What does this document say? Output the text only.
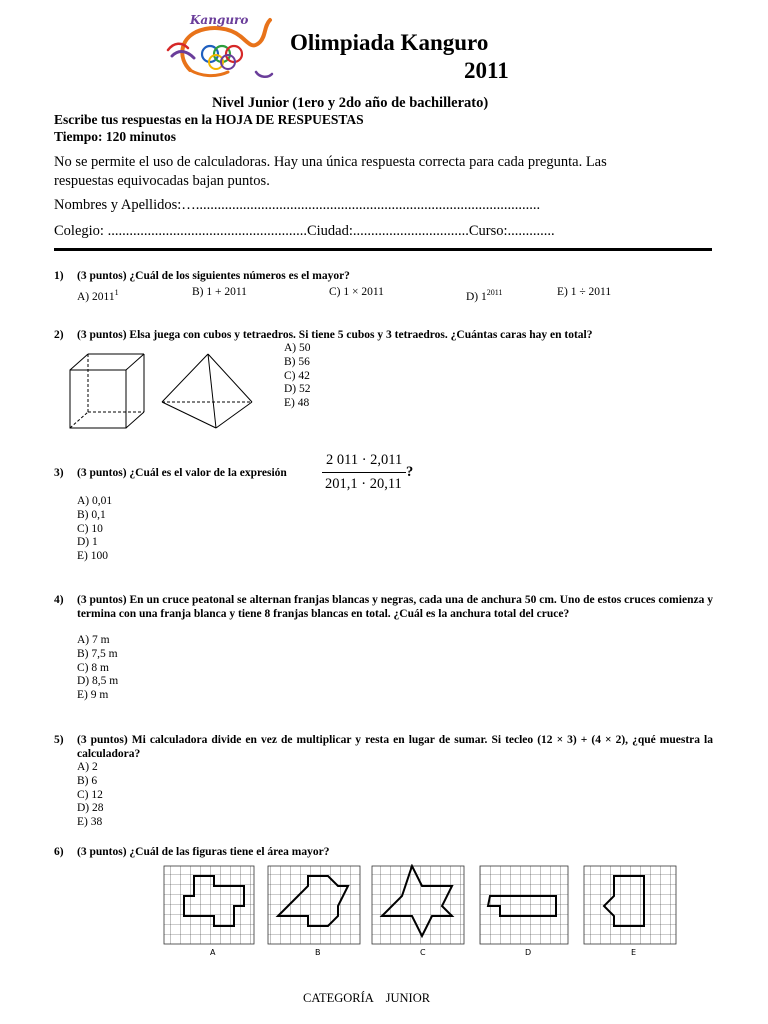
Kanguro
Olimpiada Kanguro
2011
Nivel Junior (1ero y 2do año de bachillerato)
Escribe tus respuestas en la HOJA DE RESPUESTAS
Tiempo: 120 minutos
No se permite el uso de calculadoras. Hay una única respuesta correcta para cada pregunta. Las respuestas equivocadas bajan puntos.
Nombres y Apellidos:…...............................................................................................
Colegio: .......................................................Ciudad:................................Curso:.............
1) (3 puntos) ¿Cuál de los siguientes números es el mayor?
A) 2011$^1$	B) 1 + 2011	C) 1 × 2011	D) $1^{2011}$	E) 1 ÷ 2011
2) (3 puntos) Elsa juega con cubos y tetraedros. Si tiene 5 cubos y 3 tetraedros. ¿Cuántas caras hay en total?
A) 50
B) 56
C) 42
D) 52
E) 48
3) (3 puntos) ¿Cuál es el valor de la expresión
2 011 · 2,011
201,1 · 20,11
?
A) 0,01
B) 0,1
C) 10
D) 1
E) 100
4) (3 puntos) En un cruce peatonal se alternan franjas blancas y negras, cada una de anchura 50 cm. Uno de estos cruces comienza y termina con una franja blanca y tiene 8 franjas blancas en total. ¿Cuál es la anchura total del cruce?
A) 7 m
B) 7,5 m
C) 8 m
D) 8,5 m
E) 9 m
5) (3 puntos) Mi calculadora divide en vez de multiplicar y resta en lugar de sumar. Si tecleo (12 × 3) + (4 × 2), ¿qué muestra la calculadora?
A) 2
B) 6
C) 12
D) 28
E) 38
6) (3 puntos) ¿Cuál de las figuras tiene el área mayor?
A	B	C	D	E
CATEGORÍA    JUNIOR
